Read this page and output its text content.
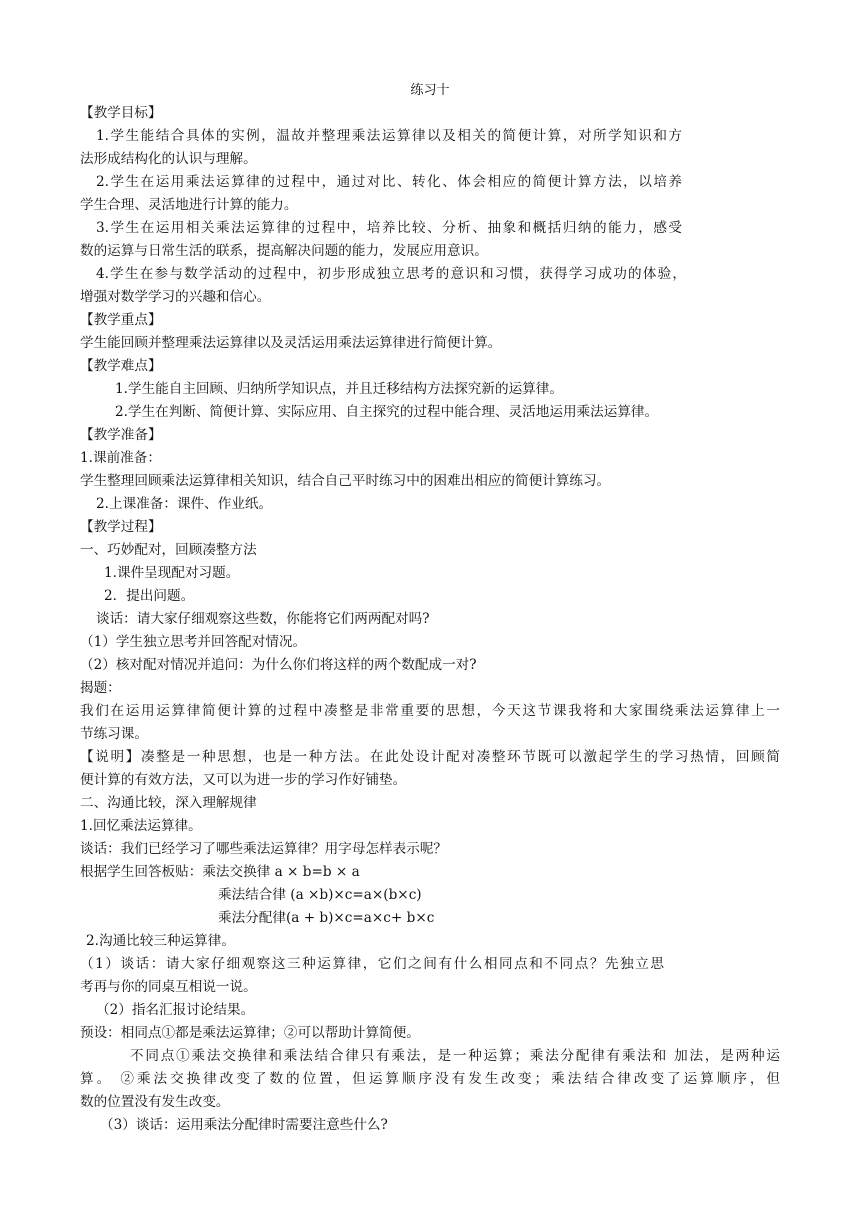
练习十
【教学目标】
1.学生能结合具体的实例，温故并整理乘法运算律以及相关的简便计算，对所学知识和方
法形成结构化的认识与理解。
2.学生在运用乘法运算律的过程中，通过对比、转化、体会相应的简便计算方法，以培养
学生合理、灵活地进行计算的能力。
3.学生在运用相关乘法运算律的过程中，培养比较、分析、抽象和概括归纳的能力，感受
数的运算与日常生活的联系，提高解决问题的能力，发展应用意识。
4.学生在参与数学活动的过程中，初步形成独立思考的意识和习惯，获得学习成功的体验，
增强对数学学习的兴趣和信心。
【教学重点】
学生能回顾并整理乘法运算律以及灵活运用乘法运算律进行简便计算。
【教学难点】
1.学生能自主回顾、归纳所学知识点，并且迁移结构方法探究新的运算律。
2.学生在判断、简便计算、实际应用、自主探究的过程中能合理、灵活地运用乘法运算律。
【教学准备】
1.课前准备：
学生整理回顾乘法运算律相关知识，结合自己平时练习中的困难出相应的简便计算练习。
2.上课准备：课件、作业纸。
【教学过程】
一、巧妙配对，回顾凑整方法
1.课件呈现配对习题。
2．提出问题。
谈话：请大家仔细观察这些数，你能将它们两两配对吗?
（1）学生独立思考并回答配对情况。
（2）核对配对情况并追问：为什么你们将这样的两个数配成一对?
揭题：
我们在运用运算律简便计算的过程中凑整是非常重要的思想，今天这节课我将和大家围绕乘法运算律上一
节练习课。
【说明】凑整是一种思想，也是一种方法。在此处设计配对凑整环节既可以激起学生的学习热情，回顾简
便计算的有效方法，又可以为进一步的学习作好铺垫。
二、沟通比较，深入理解规律
1.回忆乘法运算律。
谈话：我们已经学习了哪些乘法运算律？用字母怎样表示呢？
根据学生回答板贴：乘法交换律 a × b=b × a
乘法结合律 (a ×b)×c=a×(b×c)
乘法分配律(a + b)×c=a×c+ b×c
2.沟通比较三种运算律。
（1）谈话：请大家仔细观察这三种运算律，它们之间有什么相同点和不同点？先独立思
考再与你的同桌互相说一说。
（2）指名汇报讨论结果。
预设：相同点①都是乘法运算律；②可以帮助计算简便。
不同点①乘法交换律和乘法结合律只有乘法，是一种运算；乘法分配律有乘法和 加法，是两种运
算。 ②乘法交换律改变了数的位置，但运算顺序没有发生改变；乘法结合律改变了运算顺序，但
数的位置没有发生改变。
（3）谈话：运用乘法分配律时需要注意些什么?
